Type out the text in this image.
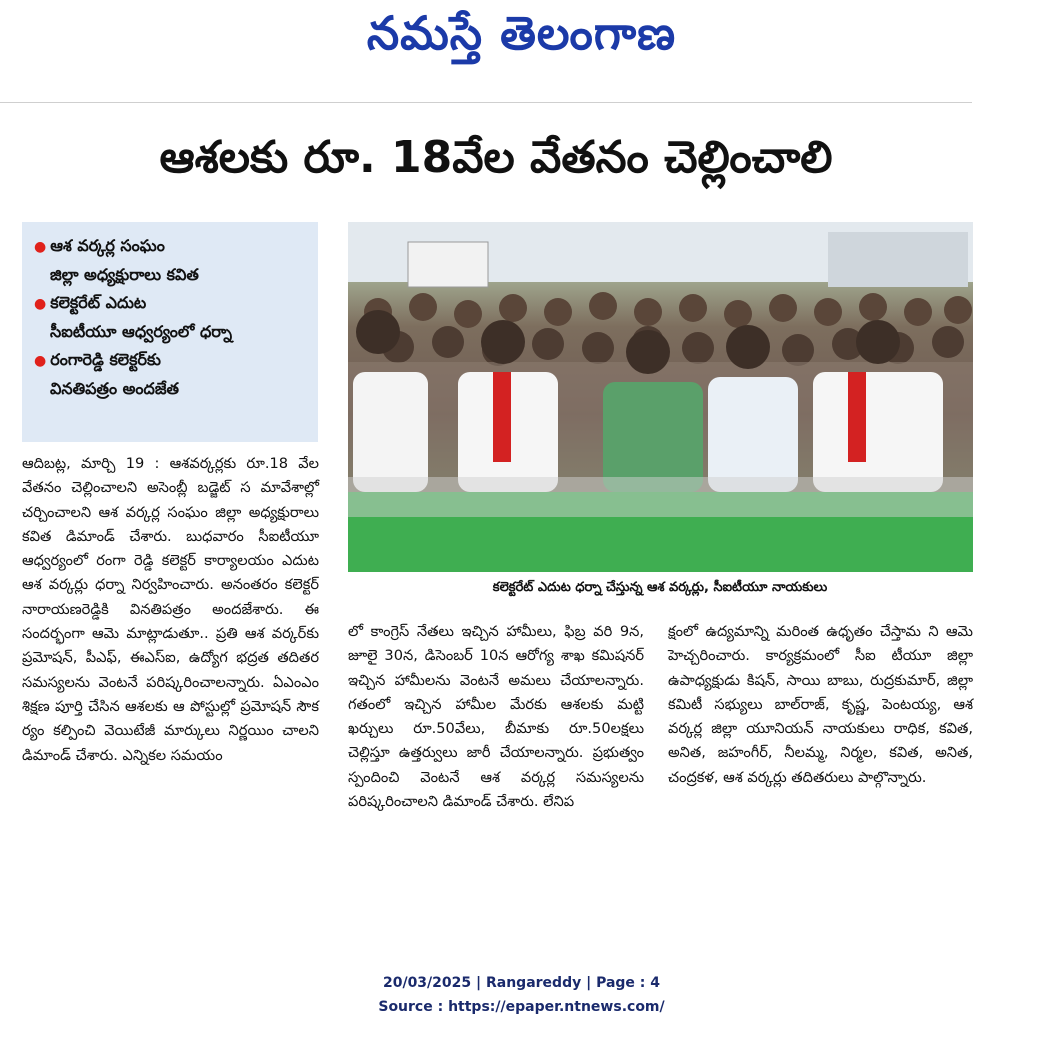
నమస్తే తెలంగాణ
ఆశలకు రూ. 18వేల వేతనం చెల్లించాలి
● ఆశ వర్కర్ల సంఘం
జిల్లా అధ్యక్షురాలు కవిత
● కలెక్టరేట్ ఎదుట
సీఐటీయూ ఆధ్వర్యంలో ధర్నా
● రంగారెడ్డి కలెక్టర్‌కు
వినతిపత్రం అందజేత
కలెక్టరేట్ ఎదుట ధర్నా చేస్తున్న ఆశ వర్కర్లు, సీఐటీయూ నాయకులు

ఆదిబట్ల, మార్చి 19 : ఆశవర్కర్లకు రూ.18 వేల వేతనం చెల్లించాలని అసెంబ్లీ బడ్జెట్ స మావేశాల్లో చర్చించాలని ఆశ వర్కర్ల సంఘం జిల్లా అధ్యక్షురాలు కవిత డిమాండ్ చేశారు. బుధవారం సీఐటీయూ ఆధ్వర్యంలో రంగా రెడ్డి కలెక్టర్ కార్యాలయం ఎదుట ఆశ వర్కర్లు ధర్నా నిర్వహించారు. అనంతరం కలెక్టర్ నారాయణరెడ్డికి వినతిపత్రం అందజేశారు. ఈ సందర్భంగా ఆమె మాట్లాడుతూ.. ప్రతి ఆశ వర్కర్‌కు ప్రమోషన్, పీఎఫ్, ఈఎస్ఐ, ఉద్యోగ భద్రత తదితర సమస్యలను వెంటనే పరిష్కరించాలన్నారు. ఏఎంఎం శిక్షణ పూర్తి చేసిన ఆశలకు ఆ పోస్టుల్లో ప్రమోషన్ సౌక ర్యం కల్పించి వెయిటేజీ మార్కులు నిర్ణయిం చాలని డిమాండ్ చేశారు. ఎన్నికల సమయం

లో కాంగ్రెస్ నేతలు ఇచ్చిన హామీలు, ఫిబ్ర వరి 9న, జూలై 30న, డిసెంబర్ 10న ఆరోగ్య శాఖ కమిషనర్ ఇచ్చిన హామీలను వెంటనే అమలు చేయాలన్నారు. గతంలో ఇచ్చిన హామీల మేరకు ఆశలకు మట్టి ఖర్చులు రూ.50వేలు, బీమాకు రూ.50లక్షలు చెల్లిస్తూ ఉత్తర్వులు జారీ చేయాలన్నారు. ప్రభుత్వం స్పందించి వెంటనే ఆశ వర్కర్ల సమస్యలను పరిష్కరించాలని డిమాండ్ చేశారు. లేనిప

క్షంలో ఉద్యమాన్ని మరింత ఉధృతం చేస్తామ ని ఆమె హెచ్చరించారు. కార్యక్రమంలో సీఐ టీయూ జిల్లా ఉపాధ్యక్షుడు కిషన్, సాయి బాబు, రుద్రకుమార్, జిల్లా కమిటీ సభ్యులు బాల్‌రాజ్, కృష్ణ, పెంటయ్య, ఆశ వర్కర్ల జిల్లా యూనియన్ నాయకులు రాధిక, కవిత, అనిత, జహంగీర్, నీలమ్మ, నిర్మల, కవిత, అనిత, చంద్రకళ, ఆశ వర్కర్లు తదితరులు పాల్గొన్నారు.

20/03/2025 | Rangareddy | Page : 4
Source : https://epaper.ntnews.com/
